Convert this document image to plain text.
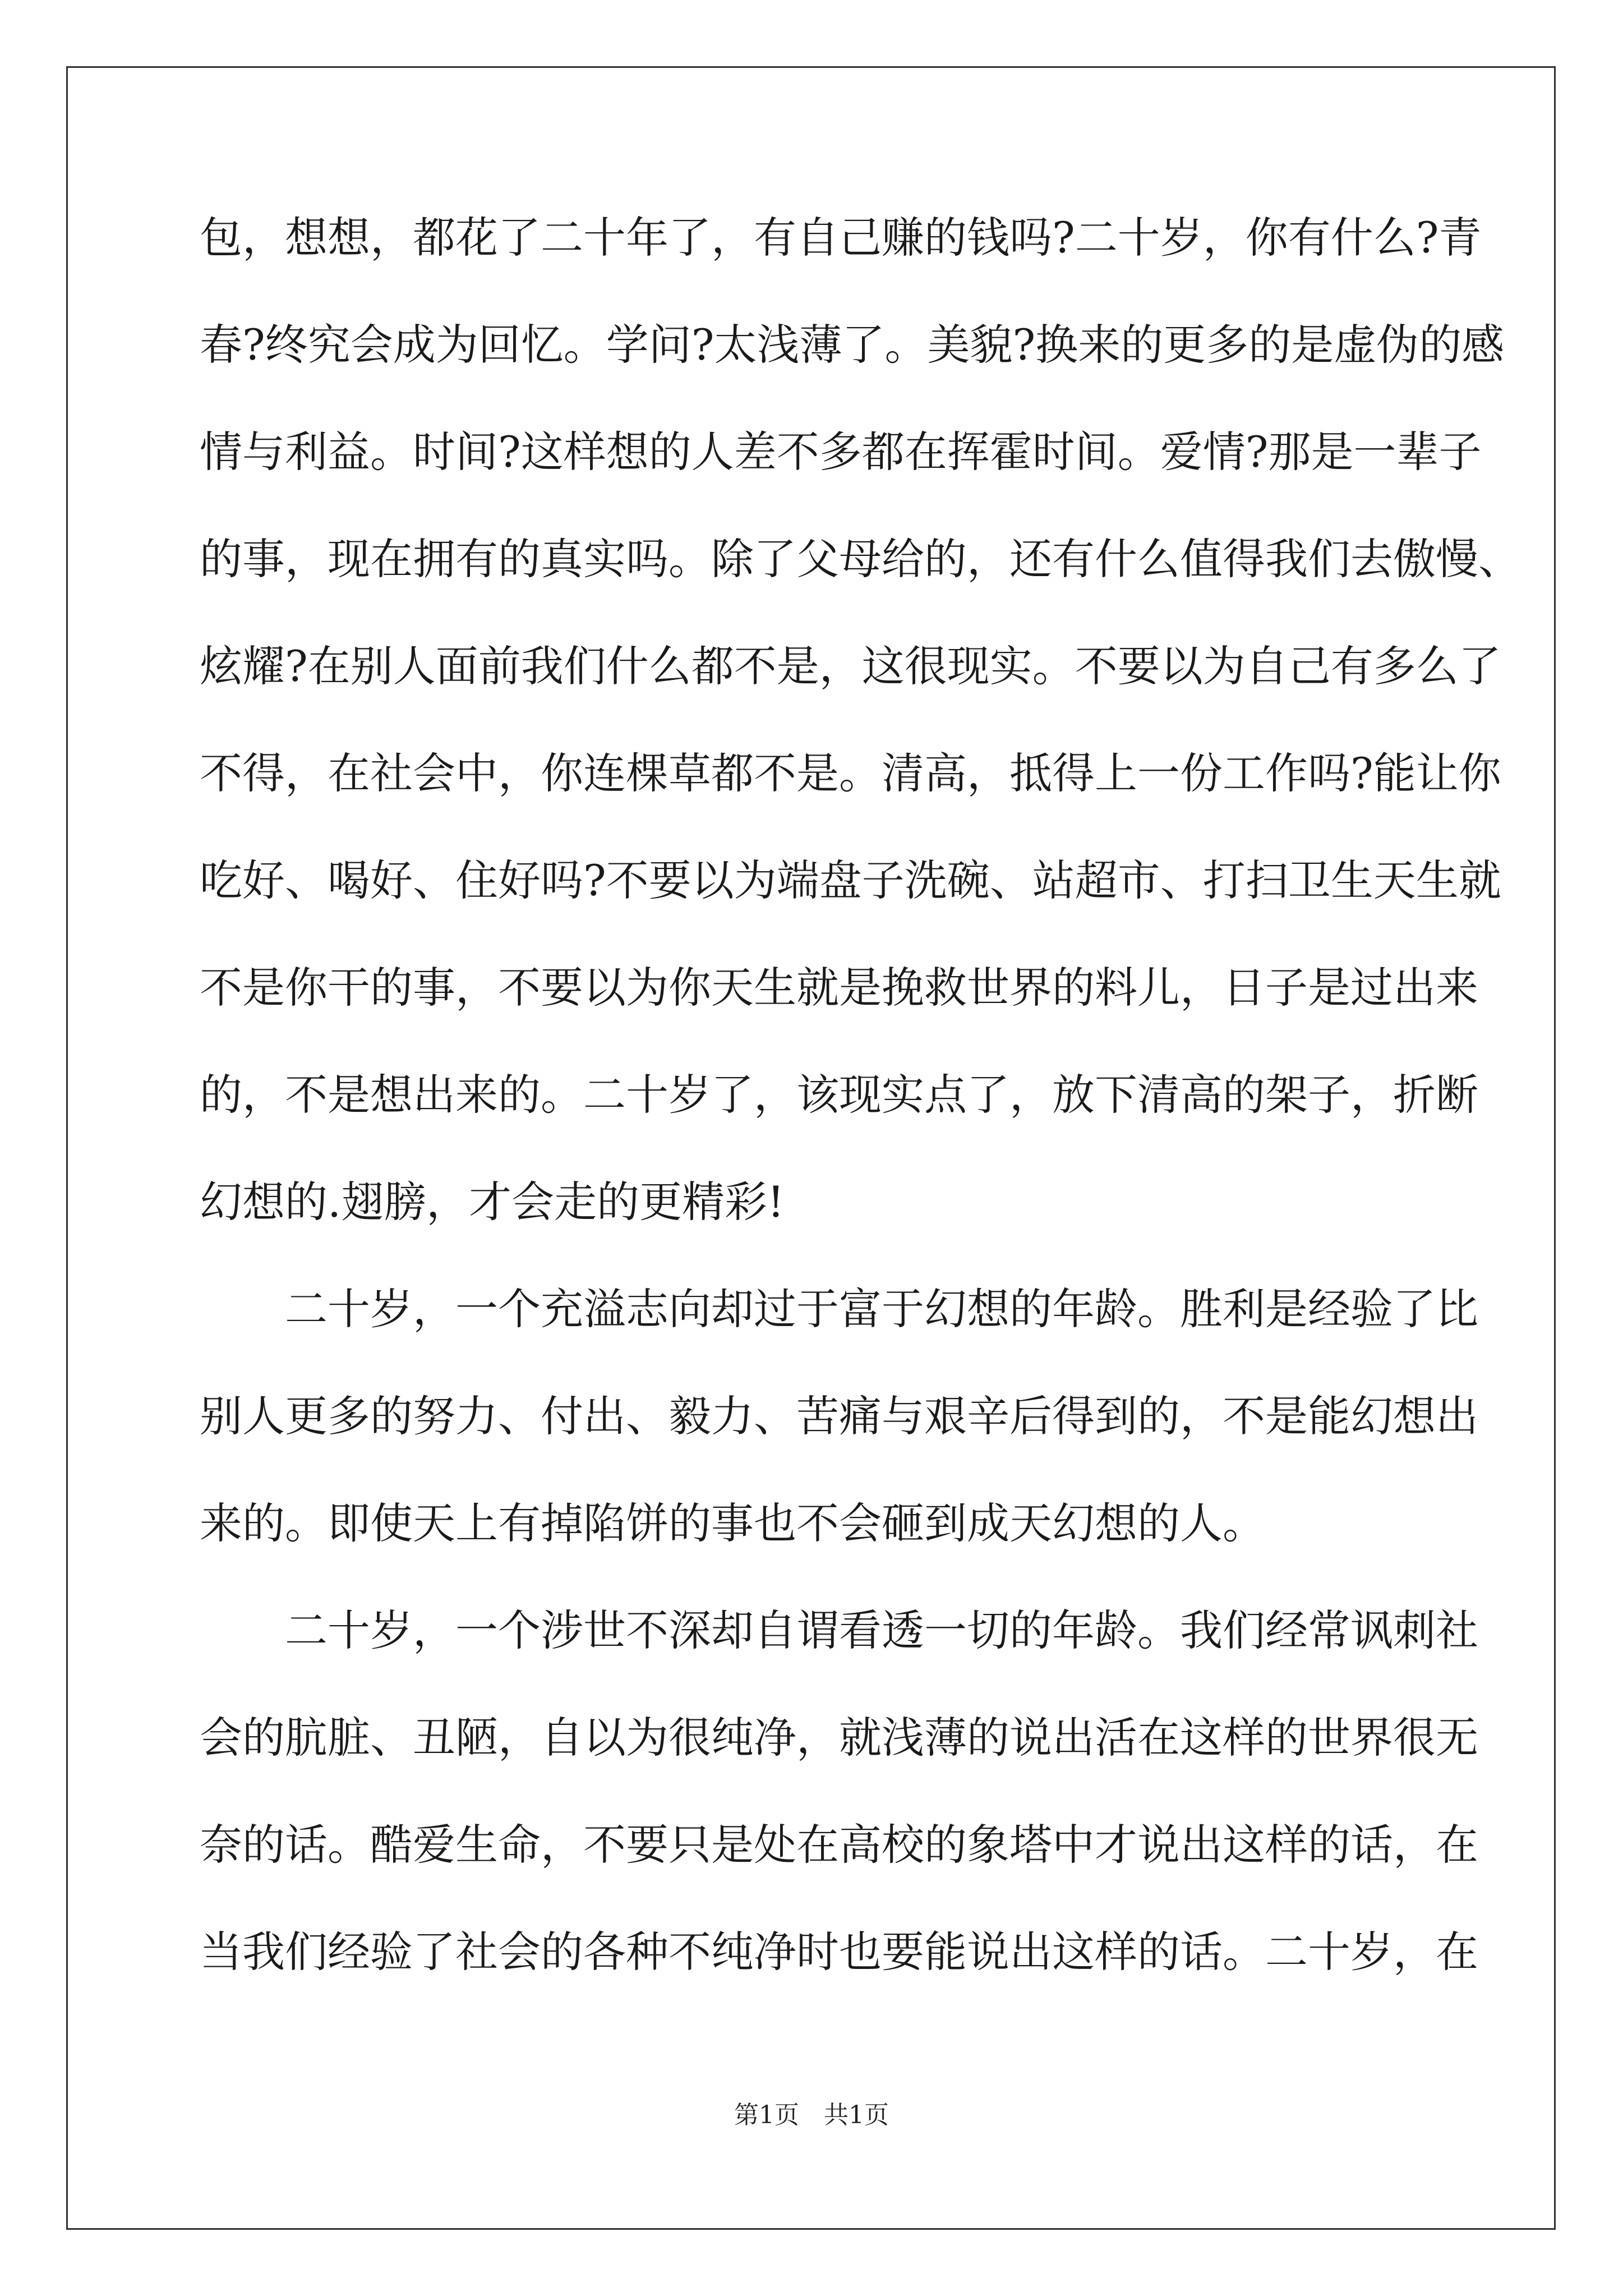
包，想想，都花了二十年了，有自己赚的钱吗?二十岁，你有什么?青
春?终究会成为回忆。学问?太浅薄了。美貌?换来的更多的是虚伪的感
情与利益。时间?这样想的人差不多都在挥霍时间。爱情?那是一辈子
的事，现在拥有的真实吗。除了父母给的，还有什么值得我们去傲慢、
炫耀?在别人面前我们什么都不是，这很现实。不要以为自己有多么了
不得，在社会中，你连棵草都不是。清高，抵得上一份工作吗?能让你
吃好、喝好、住好吗?不要以为端盘子洗碗、站超市、打扫卫生天生就
不是你干的事，不要以为你天生就是挽救世界的料儿，日子是过出来
的，不是想出来的。二十岁了，该现实点了，放下清高的架子，折断
幻想的.翅膀，才会走的更精彩!
二十岁，一个充溢志向却过于富于幻想的年龄。胜利是经验了比
别人更多的努力、付出、毅力、苦痛与艰辛后得到的，不是能幻想出
来的。即使天上有掉陷饼的事也不会砸到成天幻想的人。
二十岁，一个涉世不深却自谓看透一切的年龄。我们经常讽刺社
会的肮脏、丑陋，自以为很纯净，就浅薄的说出活在这样的世界很无
奈的话。酷爱生命，不要只是处在高校的象塔中才说出这样的话，在
当我们经验了社会的各种不纯净时也要能说出这样的话。二十岁，在
第1页　共1页
